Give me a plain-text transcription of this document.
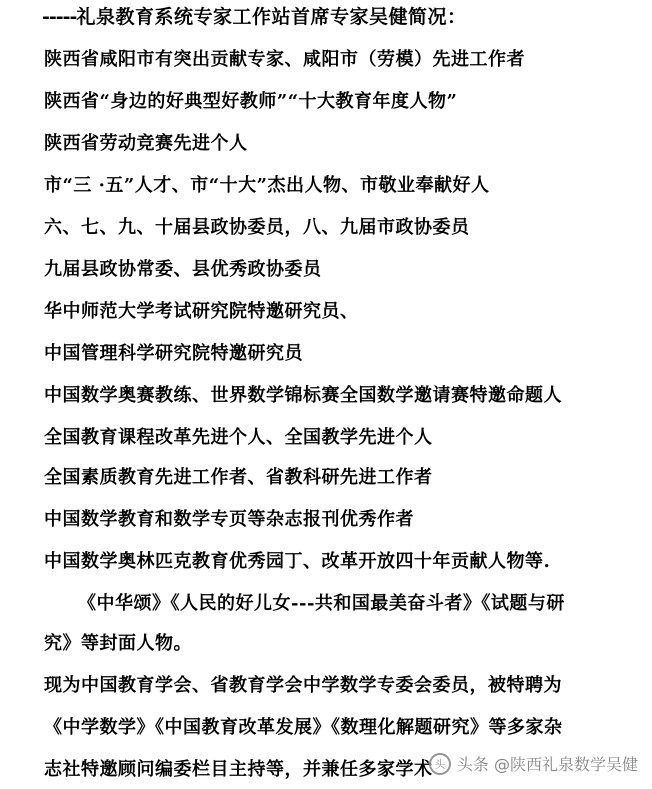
-----礼泉教育系统专家工作站首席专家吴健简况：
陕西省咸阳市有突出贡献专家、咸阳市（劳模）先进工作者
陕西省“身边的好典型好教师”“十大教育年度人物”
陕西省劳动竞赛先进个人
市“三 ·五”人才、市“十大”杰出人物、市敬业奉献好人
六、七、九、十届县政协委员，八、九届市政协委员
九届县政协常委、县优秀政协委员
华中师范大学考试研究院特邀研究员、
中国管理科学研究院特邀研究员
中国数学奥赛教练、世界数学锦标赛全国数学邀请赛特邀命题人
全国教育课程改革先进个人、全国教学先进个人
全国素质教育先进工作者、省教科研先进工作者
中国数学教育和数学专页等杂志报刊优秀作者
中国数学奥林匹克教育优秀园丁、改革开放四十年贡献人物等.
《中华颂》《人民的好儿女---共和国最美奋斗者》《试题与研
究》等封面人物。
现为中国教育学会、省教育学会中学数学专委会委员，被特聘为
《中学数学》《中国教育改革发展》《数理化解题研究》等多家杂
志社特邀顾问编委栏目主持等，并兼任多家学术 头 头条 @陕西礼泉数学吴健
